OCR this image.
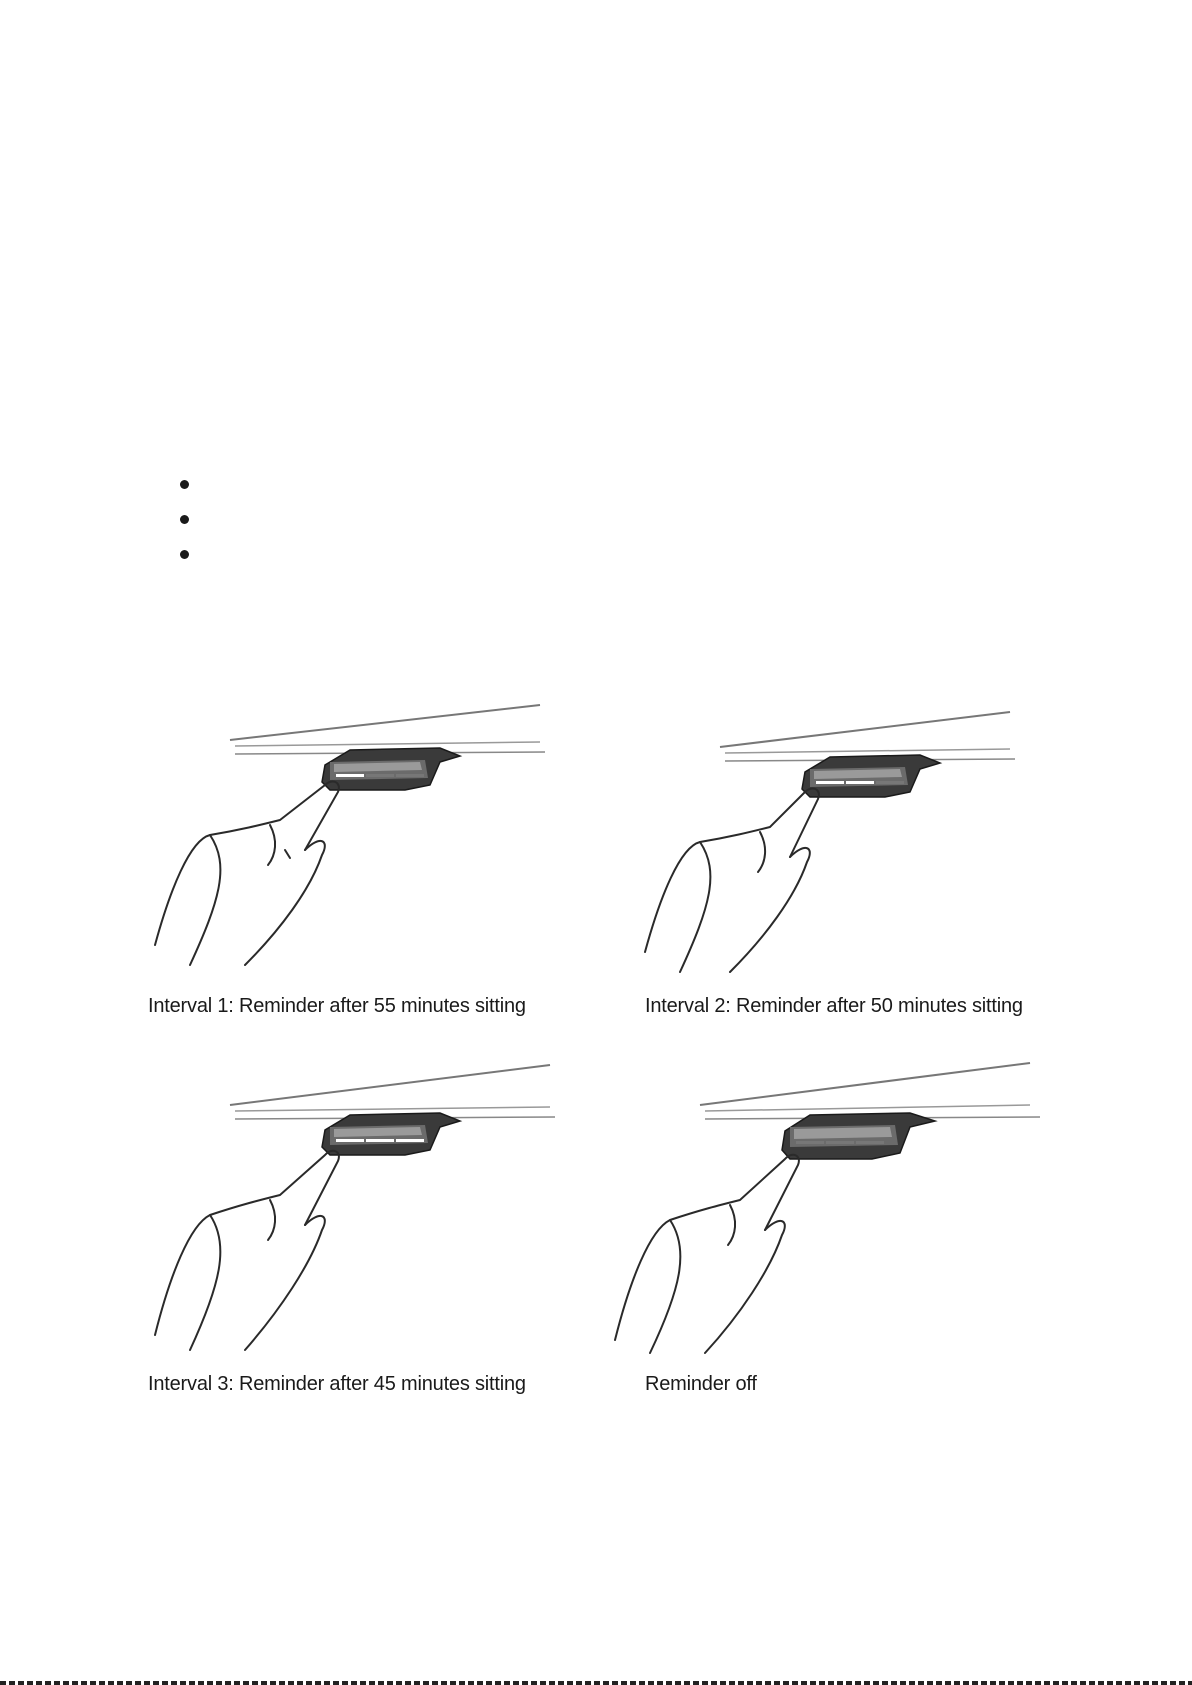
Interval 1: Reminder after 55 minutes sitting	Interval 2: Reminder after 50 minutes sitting
Interval 3: Reminder after 45 minutes sitting	Reminder off
